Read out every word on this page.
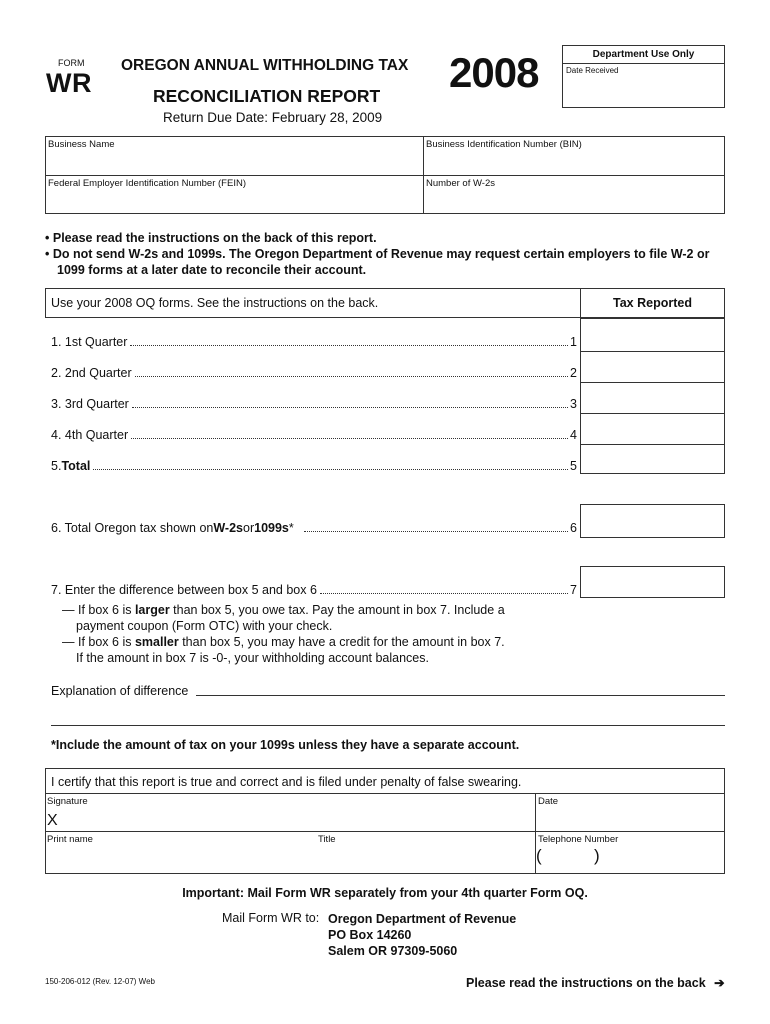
FORM
WR
OREGON ANNUAL WITHHOLDING TAX
RECONCILIATION REPORT
Return Due Date: February 28, 2009
2008	Department Use Only
Date Received
Business Name	Business Identification Number (BIN)
Federal Employer Identification Number (FEIN)	Number of W-2s
• Please read the instructions on the back of this report.
• Do not send W-2s and 1099s. The Oregon Department of Revenue may request certain employers to file W-2 or
1099 forms at a later date to reconcile their account.
Use your 2008 OQ forms. See the instructions on the back.	Tax Reported
1. 1st Quarter	1
2. 2nd Quarter	2
3. 3rd Quarter	3
4. 4th Quarter	4
5. Total	5
6. Total Oregon tax shown on W-2s or 1099s *	6
7. Enter the difference between box 5 and box 6	7
— If box 6 is larger than box 5, you owe tax. Pay the amount in box 7. Include a
payment coupon (Form OTC) with your check.
— If box 6 is smaller than box 5, you may have a credit for the amount in box 7.
If the amount in box 7 is -0-, your withholding account balances.
Explanation of difference
*Include the amount of tax on your 1099s unless they have a separate account.
I certify that this report is true and correct and is filed under penalty of false swearing.
Signature
X
Date
Print name	Title	Telephone Number
(	)
Important: Mail Form WR separately from your 4th quarter Form OQ.
Mail Form WR to: Oregon Department of Revenue
PO Box 14260
Salem OR 97309-5060
150-206-012 (Rev. 12-07) Web	Please read the instructions on the back ➔
